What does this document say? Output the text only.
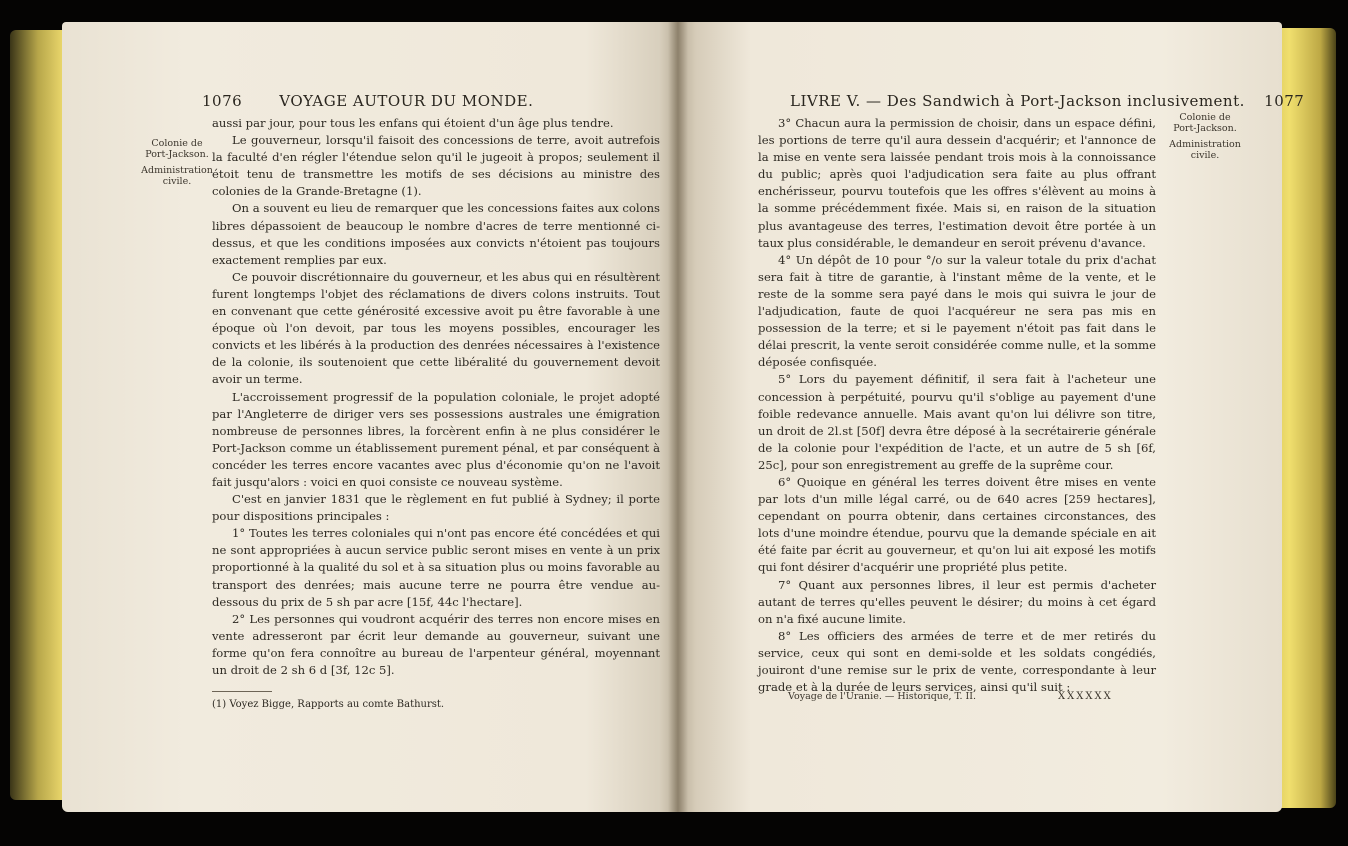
1076 VOYAGE AUTOUR DU MONDE.
Colonie de Port-Jackson.
Administration civile.

aussi par jour, pour tous les enfans qui étoient d'un âge plus tendre.

Le gouverneur, lorsqu'il faisoit des concessions de terre, avoit autrefois la faculté d'en régler l'étendue selon qu'il le jugeoit à propos; seulement il étoit tenu de transmettre les motifs de ses décisions au ministre des colonies de la Grande-Bretagne (1).

On a souvent eu lieu de remarquer que les concessions faites aux colons libres dépassoient de beaucoup le nombre d'acres de terre mentionné ci-dessus, et que les conditions imposées aux convicts n'étoient pas toujours exactement remplies par eux.

Ce pouvoir discrétionnaire du gouverneur, et les abus qui en résultèrent furent longtemps l'objet des réclamations de divers colons instruits. Tout en convenant que cette générosité excessive avoit pu être favorable à une époque où l'on devoit, par tous les moyens possibles, encourager les convicts et les libérés à la production des denrées nécessaires à l'existence de la colonie, ils soutenoient que cette libéralité du gouvernement devoit avoir un terme.

L'accroissement progressif de la population coloniale, le projet adopté par l'Angleterre de diriger vers ses possessions australes une émigration nombreuse de personnes libres, la forcèrent enfin à ne plus considérer le Port-Jackson comme un établissement purement pénal, et par conséquent à concéder les terres encore vacantes avec plus d'économie qu'on ne l'avoit fait jusqu'alors : voici en quoi consiste ce nouveau système.

C'est en janvier 1831 que le règlement en fut publié à Sydney; il porte pour dispositions principales :

1° Toutes les terres coloniales qui n'ont pas encore été concédées et qui ne sont appropriées à aucun service public seront mises en vente à un prix proportionné à la qualité du sol et à sa situation plus ou moins favorable au transport des denrées; mais aucune terre ne pourra être vendue au-dessous du prix de 5 sh par acre [15f, 44c l'hectare].

2° Les personnes qui voudront acquérir des terres non encore mises en vente adresseront par écrit leur demande au gouverneur, suivant une forme qu'on fera connoître au bureau de l'arpenteur général, moyennant un droit de 2 sh 6 d [3f, 12c 5].

(1) Voyez Bigge, Rapports au comte Bathurst.

LIVRE V. — Des Sandwich à Port-Jackson inclusivement. 1077
Colonie de Port-Jackson.
Administration civile.

3° Chacun aura la permission de choisir, dans un espace défini, les portions de terre qu'il aura dessein d'acquérir; et l'annonce de la mise en vente sera laissée pendant trois mois à la connoissance du public; après quoi l'adjudication sera faite au plus offrant enchérisseur, pourvu toutefois que les offres s'élèvent au moins à la somme précédemment fixée. Mais si, en raison de la situation plus avantageuse des terres, l'estimation devoit être portée à un taux plus considérable, le demandeur en seroit prévenu d'avance.

4° Un dépôt de 10 pour °/o sur la valeur totale du prix d'achat sera fait à titre de garantie, à l'instant même de la vente, et le reste de la somme sera payé dans le mois qui suivra le jour de l'adjudication, faute de quoi l'acquéreur ne sera pas mis en possession de la terre; et si le payement n'étoit pas fait dans le délai prescrit, la vente seroit considérée comme nulle, et la somme déposée confisquée.

5° Lors du payement définitif, il sera fait à l'acheteur une concession à perpétuité, pourvu qu'il s'oblige au payement d'une foible redevance annuelle. Mais avant qu'on lui délivre son titre, un droit de 2l.st [50f] devra être déposé à la secrétairerie générale de la colonie pour l'expédition de l'acte, et un autre de 5 sh [6f, 25c], pour son enregistrement au greffe de la suprême cour.

6° Quoique en général les terres doivent être mises en vente par lots d'un mille légal carré, ou de 640 acres [259 hectares], cependant on pourra obtenir, dans certaines circonstances, des lots d'une moindre étendue, pourvu que la demande spéciale en ait été faite par écrit au gouverneur, et qu'on lui ait exposé les motifs qui font désirer d'acquérir une propriété plus petite.

7° Quant aux personnes libres, il leur est permis d'acheter autant de terres qu'elles peuvent le désirer; du moins à cet égard on n'a fixé aucune limite.

8° Les officiers des armées de terre et de mer retirés du service, ceux qui sont en demi-solde et les soldats congédiés, jouiront d'une remise sur le prix de vente, correspondante à leur grade et à la durée de leurs services, ainsi qu'il suit :

Voyage de l'Uranie. — Historique, T. II.	XXXXXX
